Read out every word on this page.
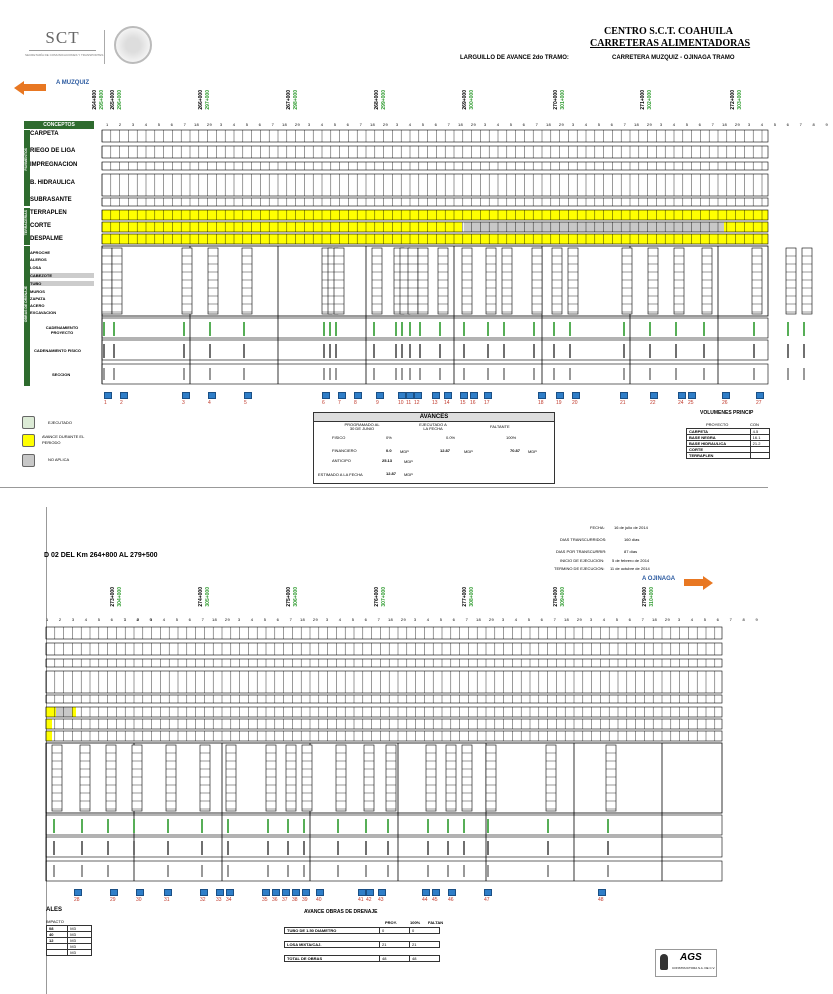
SCT
SECRETARÍA DE COMUNICACIONES Y TRANSPORTES
CENTRO S.C.T. COAHUILA
CARRETERAS ALIMENTADORAS
LARGUILLO DE AVANCE 2do TRAMO:	CARRETERA MUZQUIZ - OJINAGA TRAMO
A MUZQUIZ
CONCEPTOS
PAVIMENTOS
TERRACERIAS
OBRAS DE DRENAJE
CARPETA
RIEGO DE LIGA
IMPREGNACION
B. HIDRAULICA
SUBRASANTE
TERRAPLEN
CORTE
DESPALME
APROCHE
ALEROS
LOSA
CABEZOTE
TUBO
MUROS
ZAPATA
ACERO
EXCAVACION
CADENAMIENTO PROYECTO
CADENAMIENTO FISICO
SECCION
EJECUTADO
AVANCE DURANTE EL PERIODO
NO APLICA
AVANCES
PROGRAMADO AL 30 DE JUNIO
EJECUTADO A LA FECHA	FALTANTE
FISICO	0%	0.0%	100%
FINANCIERO	0.0 MDP	12.87	MDP	70.87 MDP
ANTICIPO	25.13	MDP
ESTIMADO A LA FECHA	12.87 MDP
VOLUMENES PRINCIP
PROYECTO	CON
CARPETA	4.5
BASE NEGRA	16.1
BASE HIDRAULICA	21.2
CORTE	
TERRAPLEN	
264+800 295+800 265+000 296+000	266+000 297+000	267+000 298+000	268+000 299+000	269+000 300+000	270+000 301+000	271+000 302+000	272+000 303+000
1 2 3 4 5 6 7 8 9
1 2 3 4 5 6 7 8 9
1 2 3 4 5 6 7 8 9
1 2 3 4 5 6 7 8 9
1 2 3 4 5 6 7 8 9
1 2 3 4 5 6 7 8 9
1 2 3 4 5 6 7 8 9
1 2 3 4 5 6 7 8 9
1	2	3	4	5	6	7	8	9	10 11 12 13 14 15 16 17	18 19 20	21	22	24 25	26	27
D 02 DEL Km 264+800 AL 279+500
FECHA: 16 de julio de 2014
DIAS TRANSCURRIDOS:	160 días
DIAS POR TRANSCURRIR:	87 días
INICIO DE EJECUCION: 5 de febrero de 2014
TERMINO DE EJECUCION: 11 de octubre de 2014
A OJINAGA
ALES
IMPACTO
08	M3
40	M3
12	M3
	M3
	M3
AVANCE OBRAS DE DRENAJE
PROY.	100% FALTAN
TUBO DE 1.50 DIAMETRO	0	0

LOSA MIXTA/CAJ.	21	21

TOTAL DE OBRAS	48	48	AGS
CONSTRUCTORA S.A. DE C.V.
273+000 304+000	274+000 305+000	275+000 306+000	276+000 307+000	277+000 308+000	278+000 309+000	279+000 310+000
1 2 3 4 5 6 7 8 9
1 2 3 4 5 6 7 8 9
1 2 3 4 5 6 7 8 9
1 2 3 4 5 6 7 8 9
1 2 3 4 5 6 7 8 9
1 2 3 4 5 6 7 8 9
1 2 3 4 5 6 7 8 9
1 2 3 4 5 6 7 8 9
28	29	30	31	32 33 34	35 36 37 38 39 40	41 42 43	44 45 46	47	48
